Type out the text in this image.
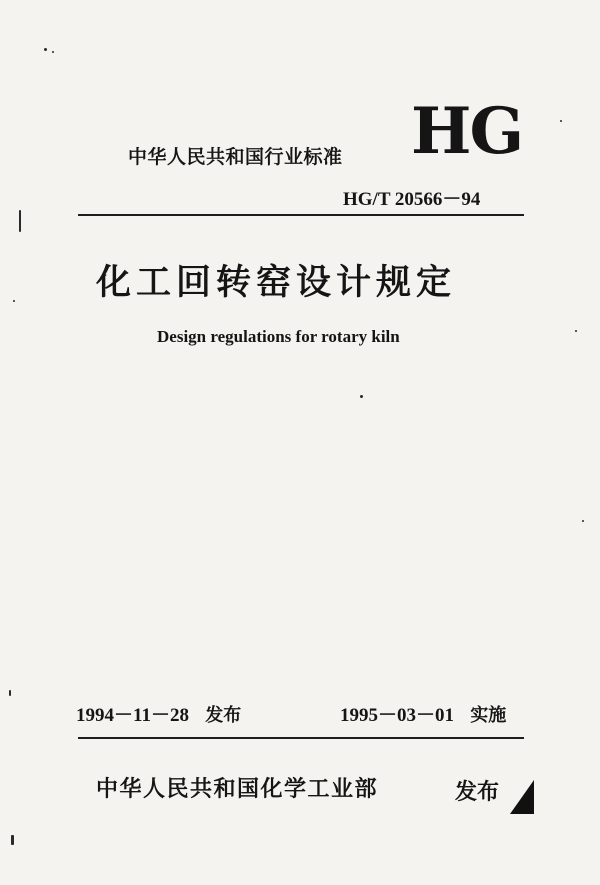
中华人民共和国行业标准 HG
HG/T 20566－94
化工回转窑设计规定
Design regulations for rotary kiln
1994－11－28 发布	1995－03－01 实施
中华人民共和国化学工业部	发布
